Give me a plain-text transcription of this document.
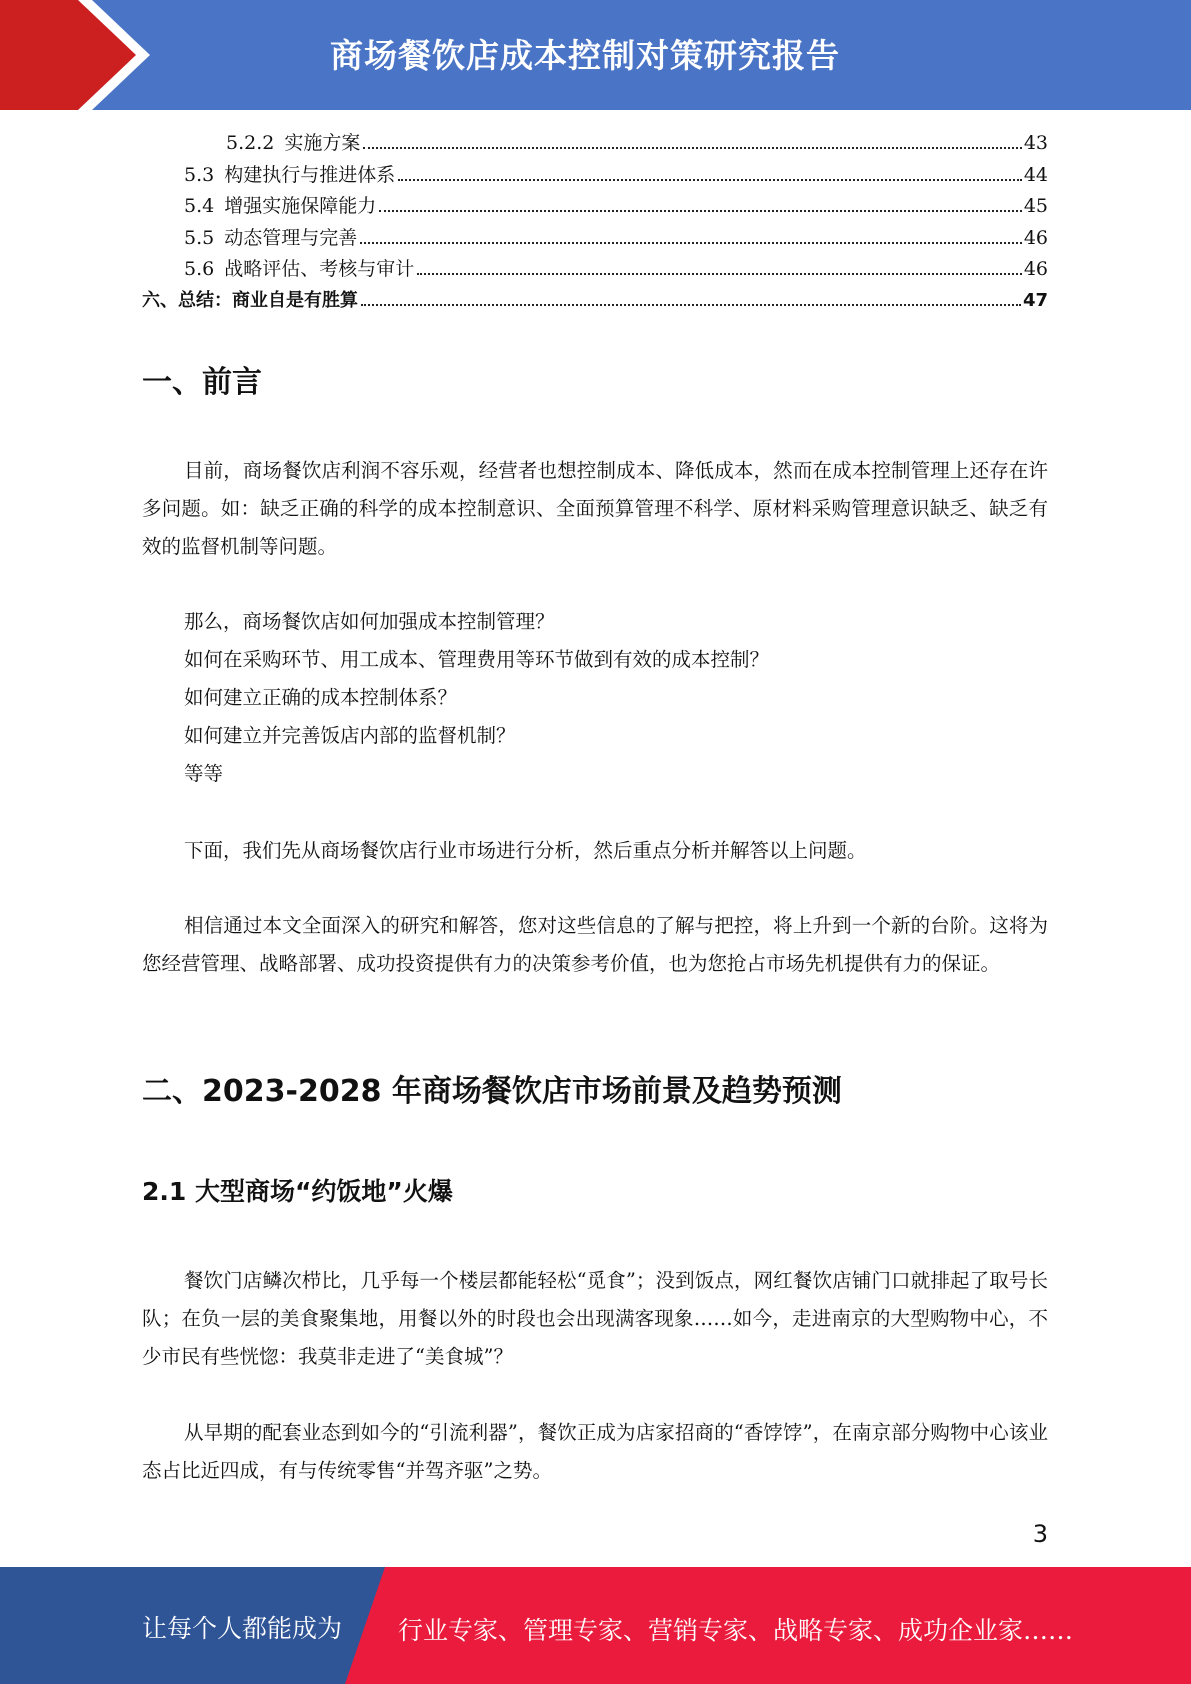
商场餐饮店成本控制对策研究报告
5.2.2 实施方案	43
5.3 构建执行与推进体系	44
5.4 增强实施保障能力	45
5.5 动态管理与完善	46
5.6 战略评估、考核与审计	46
六、总结：商业自是有胜算	47
一、前言
目前，商场餐饮店利润不容乐观，经营者也想控制成本、降低成本，然而在成本控制管理上还存在许多问题。如：缺乏正确的科学的成本控制意识、全面预算管理不科学、原材料采购管理意识缺乏、缺乏有效的监督机制等问题。
那么，商场餐饮店如何加强成本控制管理？
如何在采购环节、用工成本、管理费用等环节做到有效的成本控制？
如何建立正确的成本控制体系？
如何建立并完善饭店内部的监督机制？
等等
下面，我们先从商场餐饮店行业市场进行分析，然后重点分析并解答以上问题。
相信通过本文全面深入的研究和解答，您对这些信息的了解与把控，将上升到一个新的台阶。这将为您经营管理、战略部署、成功投资提供有力的决策参考价值，也为您抢占市场先机提供有力的保证。
二、2023-2028 年商场餐饮店市场前景及趋势预测
2.1 大型商场“约饭地”火爆
餐饮门店鳞次栉比，几乎每一个楼层都能轻松“觅食”；没到饭点，网红餐饮店铺门口就排起了取号长队；在负一层的美食聚集地，用餐以外的时段也会出现满客现象……如今，走进南京的大型购物中心，不少市民有些恍惚：我莫非走进了“美食城”？
从早期的配套业态到如今的“引流利器”，餐饮正成为店家招商的“香饽饽”，在南京部分购物中心该业态占比近四成，有与传统零售“并驾齐驱”之势。
3
让每个人都能成为 行业专家、管理专家、营销专家、战略专家、成功企业家……
